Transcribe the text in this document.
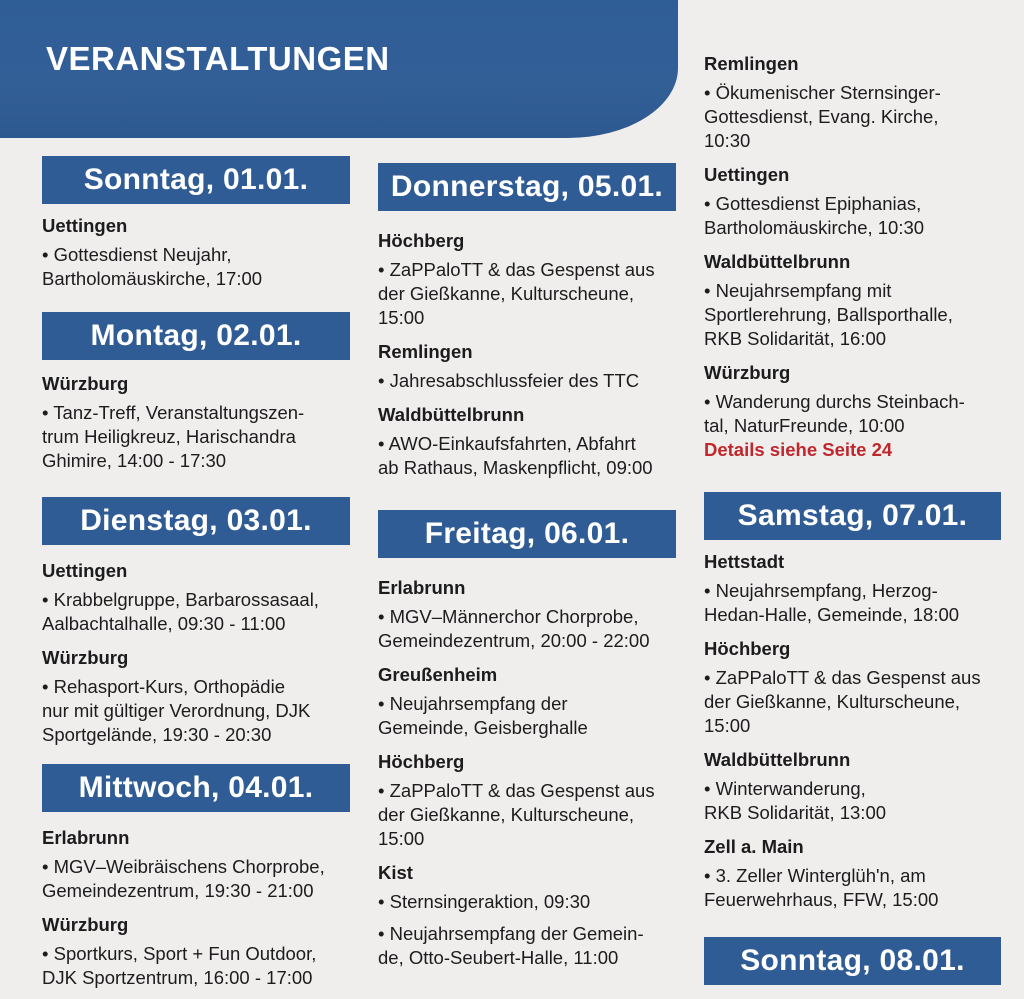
VERANSTALTUNGEN
Sonntag, 01.01.
Uettingen
• Gottesdienst Neujahr,
Bartholomäuskirche, 17:00
Montag, 02.01.
Würzburg
• Tanz-Treff, Veranstaltungszen-
trum Heiligkreuz, Harischandra
Ghimire, 14:00 - 17:30
Dienstag, 03.01.
Uettingen
• Krabbelgruppe, Barbarossasaal,
Aalbachtalhalle, 09:30 - 11:00
Würzburg
• Rehasport-Kurs, Orthopädie
nur mit gültiger Verordnung, DJK
Sportgelände, 19:30 - 20:30
Mittwoch, 04.01.
Erlabrunn
• MGV–Weibräischens Chorprobe,
Gemeindezentrum, 19:30 - 21:00
Würzburg
• Sportkurs, Sport + Fun Outdoor,
DJK Sportzentrum, 16:00 - 17:00
Donnerstag, 05.01.
Höchberg
• ZaPPaloTT & das Gespenst aus
der Gießkanne, Kulturscheune,
15:00
Remlingen
• Jahresabschlussfeier des TTC
Waldbüttelbrunn
• AWO-Einkaufsfahrten, Abfahrt
ab Rathaus, Maskenpflicht, 09:00
Freitag, 06.01.
Erlabrunn
• MGV–Männerchor Chorprobe,
Gemeindezentrum, 20:00 - 22:00
Greußenheim
• Neujahrsempfang der
Gemeinde, Geisberghalle
Höchberg
• ZaPPaloTT & das Gespenst aus
der Gießkanne, Kulturscheune,
15:00
Kist
• Sternsingeraktion, 09:30
• Neujahrsempfang der Gemein-
de, Otto-Seubert-Halle, 11:00
Remlingen
• Ökumenischer Sternsinger-
Gottesdienst, Evang. Kirche,
10:30
Uettingen
• Gottesdienst Epiphanias,
Bartholomäuskirche, 10:30
Waldbüttelbrunn
• Neujahrsempfang mit
Sportlerehrung, Ballsporthalle,
RKB Solidarität, 16:00
Würzburg
• Wanderung durchs Steinbach-
tal, NaturFreunde, 10:00
Details siehe Seite 24
Samstag, 07.01.
Hettstadt
• Neujahrsempfang, Herzog-
Hedan-Halle, Gemeinde, 18:00
Höchberg
• ZaPPaloTT & das Gespenst aus
der Gießkanne, Kulturscheune,
15:00
Waldbüttelbrunn
• Winterwanderung,
RKB Solidarität, 13:00
Zell a. Main
• 3. Zeller Winterglüh'n, am
Feuerwehrhaus, FFW, 15:00
Sonntag, 08.01.
